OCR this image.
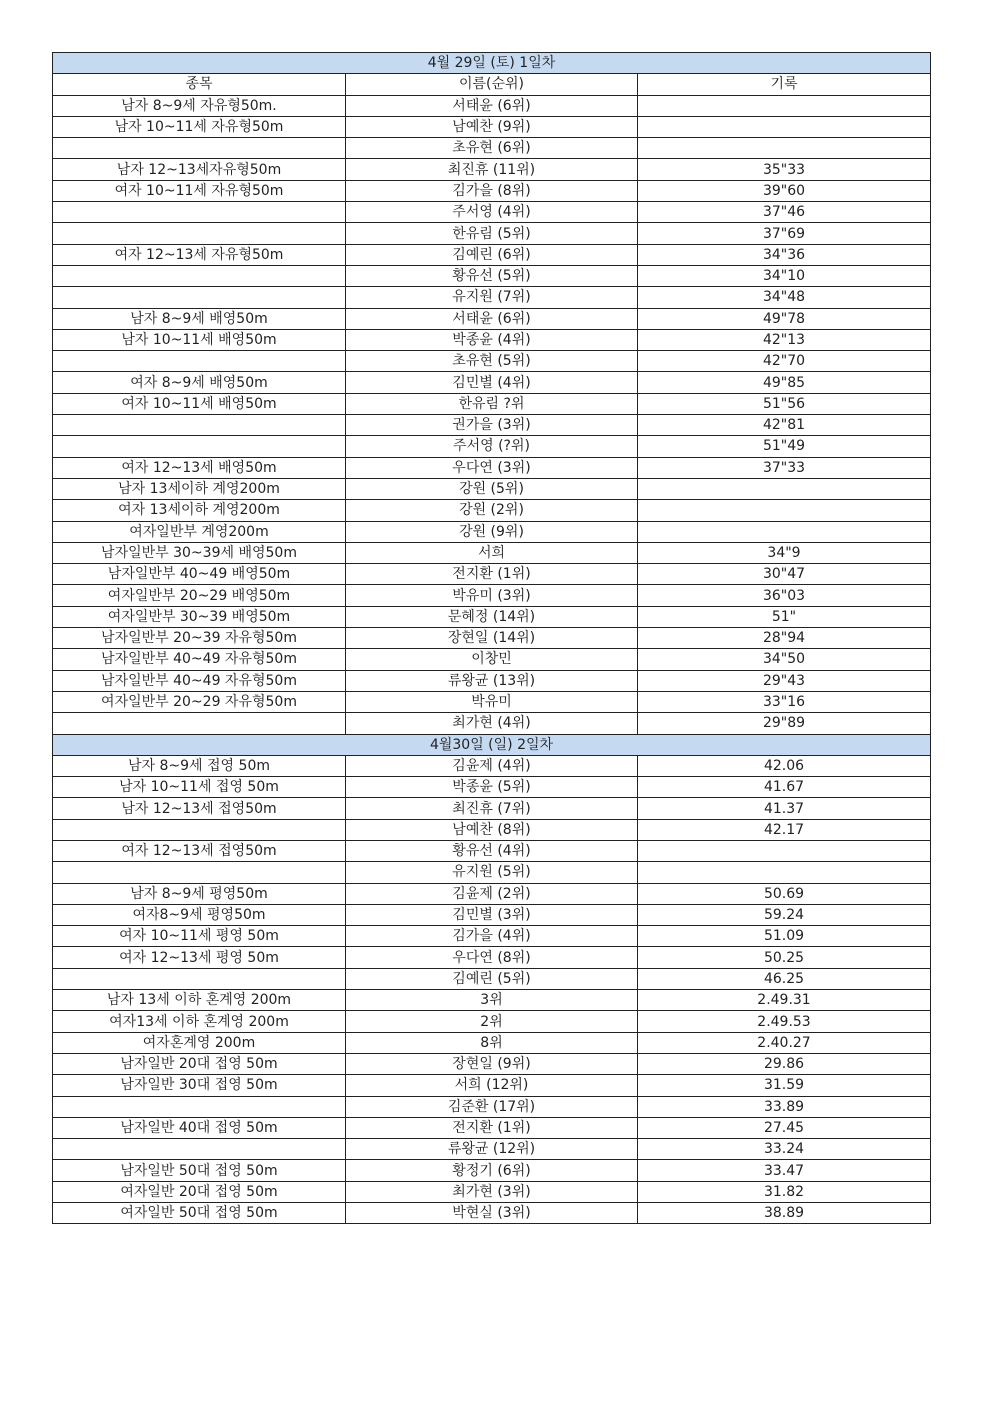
4월 29일 (토) 1일차		
종목	이름(순위)	기록
남자 8~9세 자유형50m.	서태윤 (6위)	
남자 10~11세 자유형50m	남예찬 (9위)	
	초유현 (6위)	
남자 12~13세자유형50m	최진휴 (11위)	35"33
여자 10~11세 자유형50m	김가을 (8위)	39"60
	주서영 (4위)	37"46
	한유림 (5위)	37"69
여자 12~13세 자유형50m	김예린 (6위)	34"36
	황유선 (5위)	34"10
	유지원 (7위)	34"48
남자 8~9세 배영50m	서태윤 (6위)	49"78
남자 10~11세 배영50m	박종윤 (4위)	42"13
	초유현 (5위)	42"70
여자 8~9세 배영50m	김민별 (4위)	49"85
여자 10~11세 배영50m	한유림 ?위	51"56
	권가을 (3위)	42"81
	주서영 (?위)	51"49
여자 12~13세 배영50m	우다연 (3위)	37"33
남자 13세이하 계영200m	강원 (5위)	
여자 13세이하 계영200m	강원 (2위)	
여자일반부 계영200m	강원 (9위)	
남자일반부 30~39세 배영50m	서희	34"9
남자일반부 40~49 배영50m	전지환 (1위)	30"47
여자일반부 20~29 배영50m	박유미 (3위)	36"03
여자일반부 30~39 배영50m	문혜정 (14위)	51"
남자일반부 20~39 자유형50m	장현일 (14위)	28"94
남자일반부 40~49 자유형50m	이창민	34"50
남자일반부 40~49 자유형50m	류왕균 (13위)	29"43
여자일반부 20~29 자유형50m	박유미	33"16
	최가현 (4위)	29"89
4월30일 (일) 2일차		
남자 8~9세 접영 50m	김윤제 (4위)	42.06
남자 10~11세 접영 50m	박종윤 (5위)	41.67
남자 12~13세 접영50m	최진휴 (7위)	41.37
	남예찬 (8위)	42.17
여자 12~13세 접영50m	황유선 (4위)	
	유지원 (5위)	
남자 8~9세 평영50m	김윤제 (2위)	50.69
여자8~9세 평영50m	김민별 (3위)	59.24
여자 10~11세 평영 50m	김가을 (4위)	51.09
여자 12~13세 평영 50m	우다연 (8위)	50.25
	김예린 (5위)	46.25
남자 13세 이하 혼계영 200m	3위	2.49.31
여자13세 이하 혼계영 200m	2위	2.49.53
여자혼계영 200m	8위	2.40.27
남자일반 20대 접영 50m	장현일 (9위)	29.86
남자일반 30대 접영 50m	서희 (12위)	31.59
	김준환 (17위)	33.89
남자일반 40대 접영 50m	전지환 (1위)	27.45
	류왕균 (12위)	33.24
남자일반 50대 접영 50m	황정기 (6위)	33.47
여자일반 20대 접영 50m	최가현 (3위)	31.82
여자일반 50대 접영 50m	박현실 (3위)	38.89
